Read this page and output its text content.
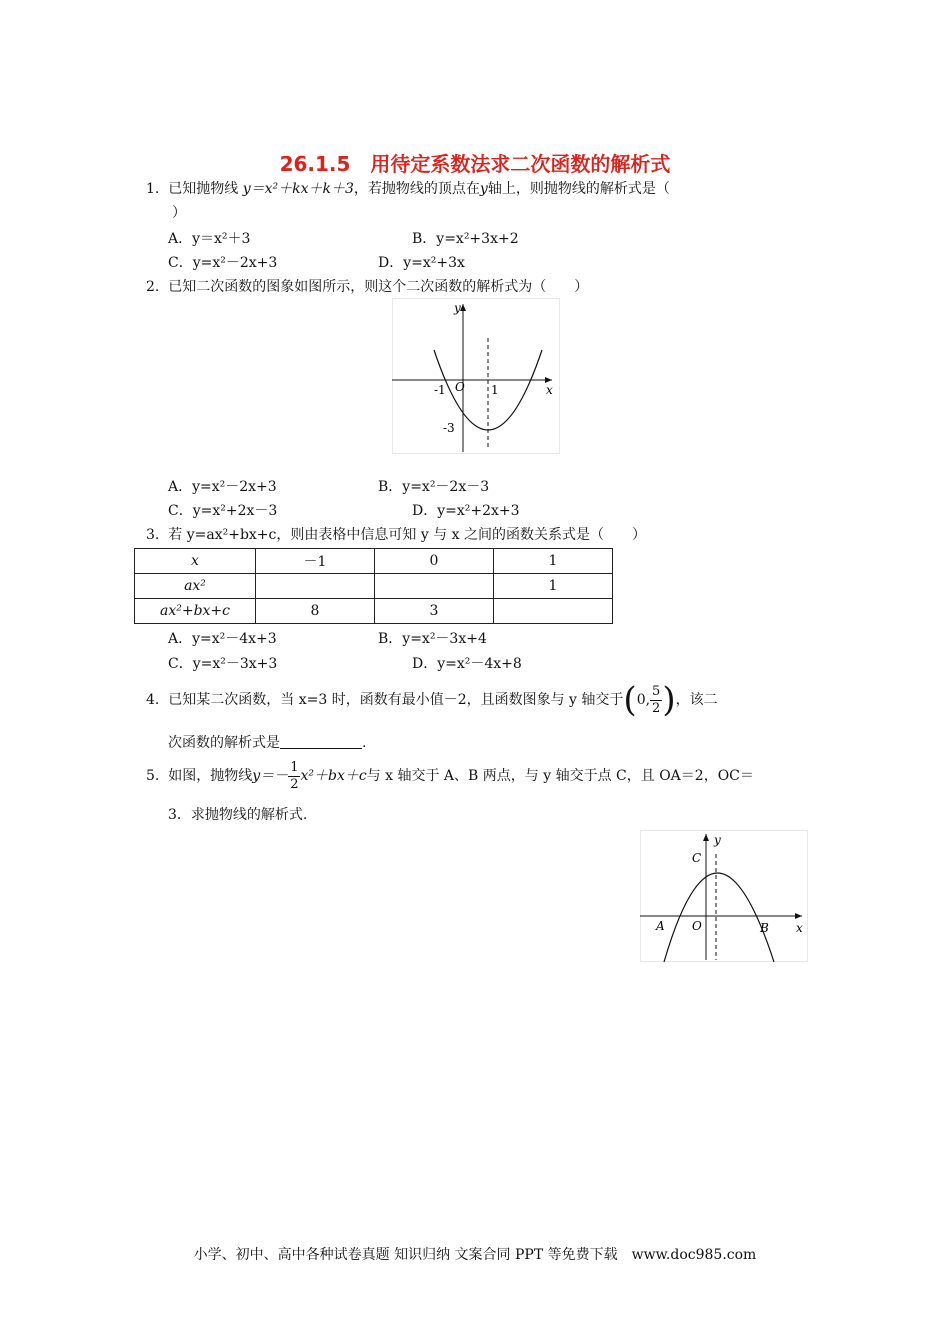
26.1.5　用待定系数法求二次函数的解析式
1. 已知抛物线 y＝x²＋kx＋k＋3，若抛物线的顶点在y轴上，则抛物线的解析式是（
）
A．y＝x²＋3	B．y=x²+3x+2
C．y=x²－2x+3	D．y=x²+3x
2. 已知二次函数的图象如图所示，则这个二次函数的解析式为（　　）
y
x
O
-1	1
-3
A．y=x²－2x+3	B．y=x²－2x－3
C．y=x²+2x－3	D．y=x²+2x+3
3. 若 y=ax²+bx+c，则由表格中信息可知 y 与 x 之间的函数关系式是（　　）
x	－1	0	1
ax²			1
ax²+bx+c	8	3	
A．y=x²－4x+3	B．y=x²－3x+4
C．y=x²－3x+3	D．y=x²－4x+8
4. 已知某二次函数，当 x=3 时，函数有最小值－2，且函数图象与 y 轴交于(0, $\frac{5}{2}$ )，该二
次函数的解析式是	.
5. 如图，抛物线$y=- \frac{1}{2} x^2+bx+c$与 x 轴交于 A、B 两点，与 y 轴交于点 C，且 OA＝2，OC＝
3．求抛物线的解析式.
y
x
O
A	B
C
小学、初中、高中各种试卷真题 知识归纳 文案合同 PPT 等免费下载　www.doc985.com
